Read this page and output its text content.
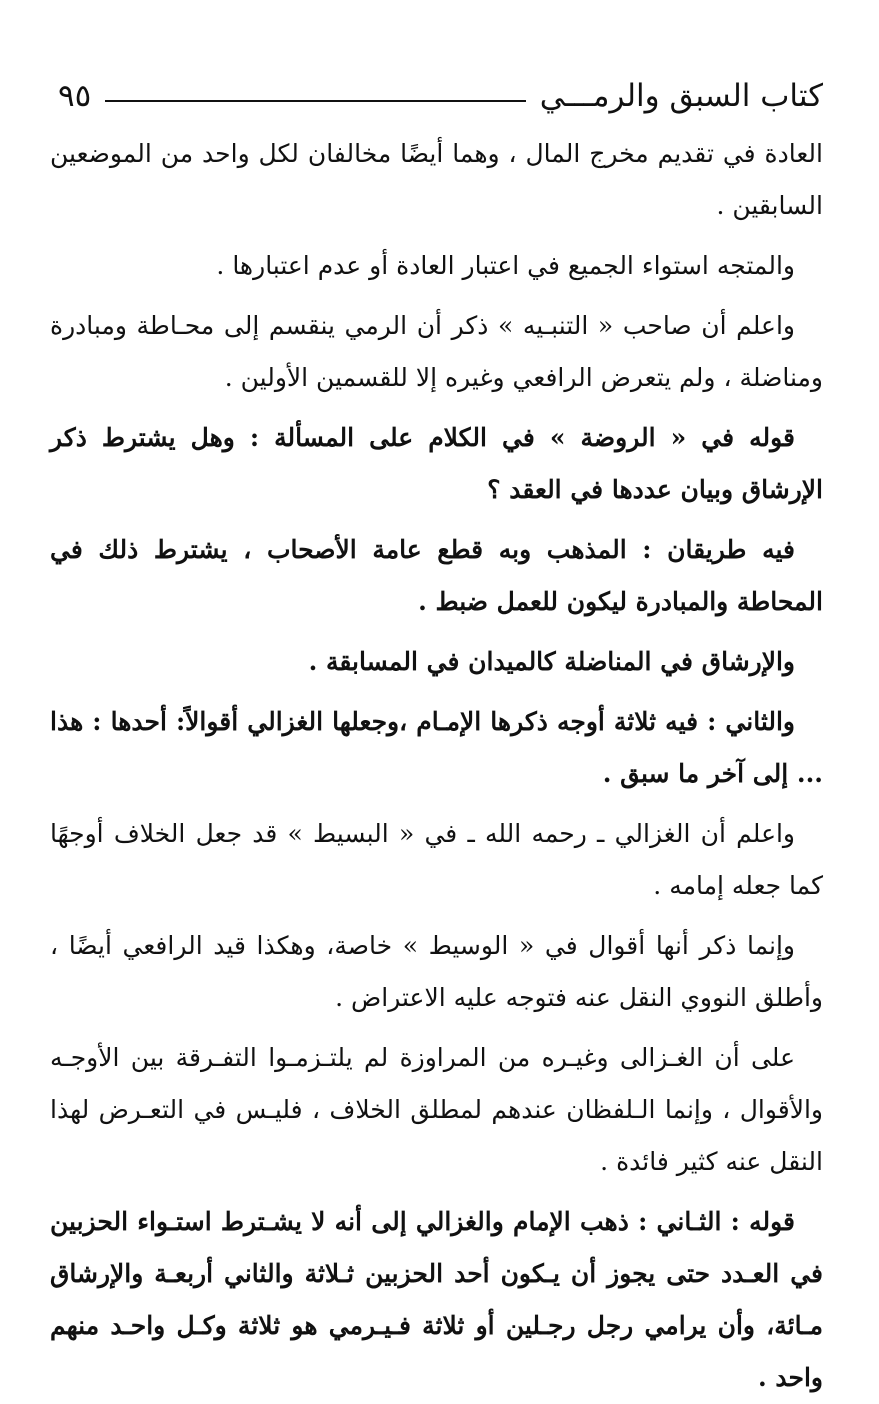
كتاب السبق والرمـــي
٩٥

العادة في تقديم مخرج المال ، وهما أيضًا مخالفان لكل واحد من الموضعين السابقين .

والمتجه استواء الجميع في اعتبار العادة أو عدم اعتبارها .

واعلم أن صاحب « التنبـيه » ذكر أن الرمي ينقسم إلى محـاطة ومبادرة ومناضلة ، ولم يتعرض الرافعي وغيره إلا للقسمين الأولين .

قوله في « الروضة » في الكلام على المسألة : وهل يشترط ذكر الإرشاق وبيان عددها في العقد ؟

فيه طريقان : المذهب وبه قطع عامة الأصحاب ، يشترط ذلك في المحاطة والمبادرة ليكون للعمل ضبط .

والإرشاق في المناضلة كالميدان في المسابقة .

والثاني : فيه ثلاثة أوجه ذكرها الإمـام ،وجعلها الغزالي أقوالاً: أحدها : هذا ... إلى آخر ما سبق .

واعلم أن الغزالي ـ رحمه الله ـ في « البسيط » قد جعل الخلاف أوجهًا كما جعله إمامه .

وإنما ذكر أنها أقوال في « الوسيط » خاصة، وهكذا قيد الرافعي أيضًا ، وأطلق النووي النقل عنه فتوجه عليه الاعتراض .

على أن الغـزالى وغيـره من المراوزة لم يلتـزمـوا التفـرقة بين الأوجـه والأقوال ، وإنما الـلفظان عندهم لمطلق الخلاف ، فليـس في التعـرض لهذا النقل عنه كثير فائدة .

قوله : الثـاني : ذهب الإمام والغزالي إلى أنه لا يشـترط استـواء الحزبين في العـدد حتى يجوز أن يـكون أحد الحزبين ثـلاثة والثاني أربعـة والإرشاق مـائة، وأن يرامي رجل رجـلين أو ثلاثة فـيـرمي هو ثلاثة وكـل واحـد منهم واحد .
